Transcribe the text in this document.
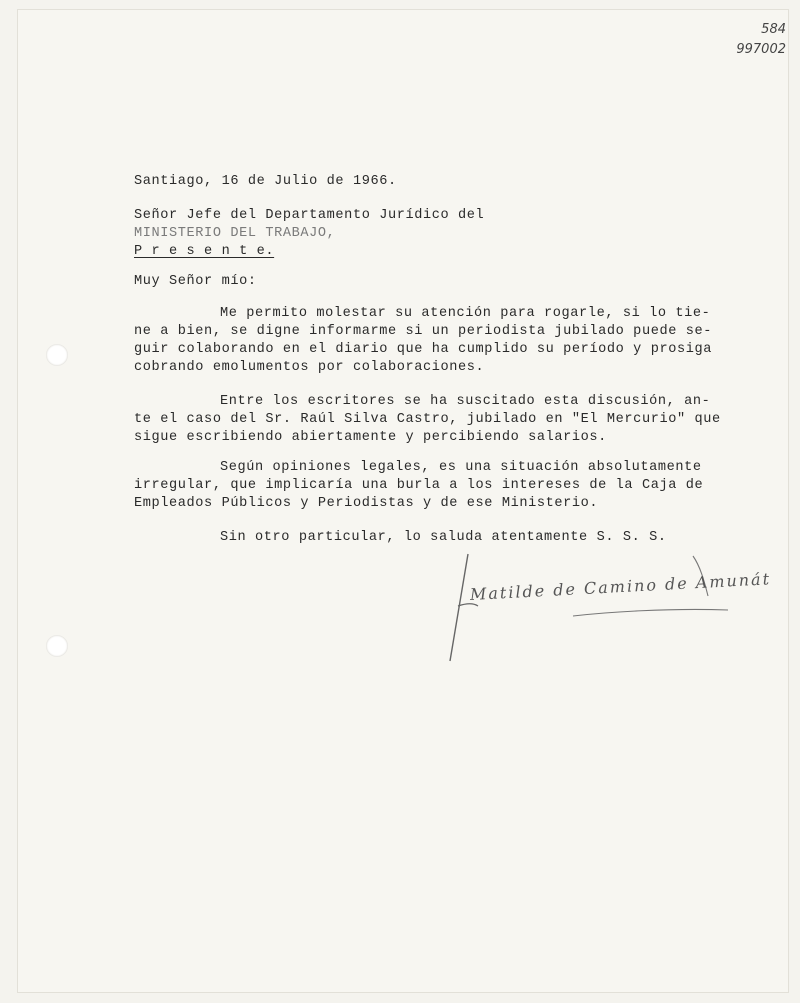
584
997002
Santiago, 16 de Julio de 1966.
Señor Jefe del Departamento Jurídico del
MINISTERIO DEL TRABAJO,
P r e s e n t e.
Muy Señor mío:
Me permito molestar su atención para rogarle, si lo tie-
ne a bien, se digne informarme si un periodista jubilado puede se-
guir colaborando en el diario que ha cumplido su período y prosiga
cobrando emolumentos por colaboraciones.
Entre los escritores se ha suscitado esta discusión, an-
te el caso del Sr. Raúl Silva Castro, jubilado en "El Mercurio" que
sigue escribiendo abiertamente y percibiendo salarios.
Según opiniones legales, es una situación absolutamente
irregular, que implicaría una burla a los intereses de la Caja de
Empleados Públicos y Periodistas y de ese Ministerio.
Sin otro particular, lo saluda atentamente S. S. S.
Matilde de Camino de Amunát
